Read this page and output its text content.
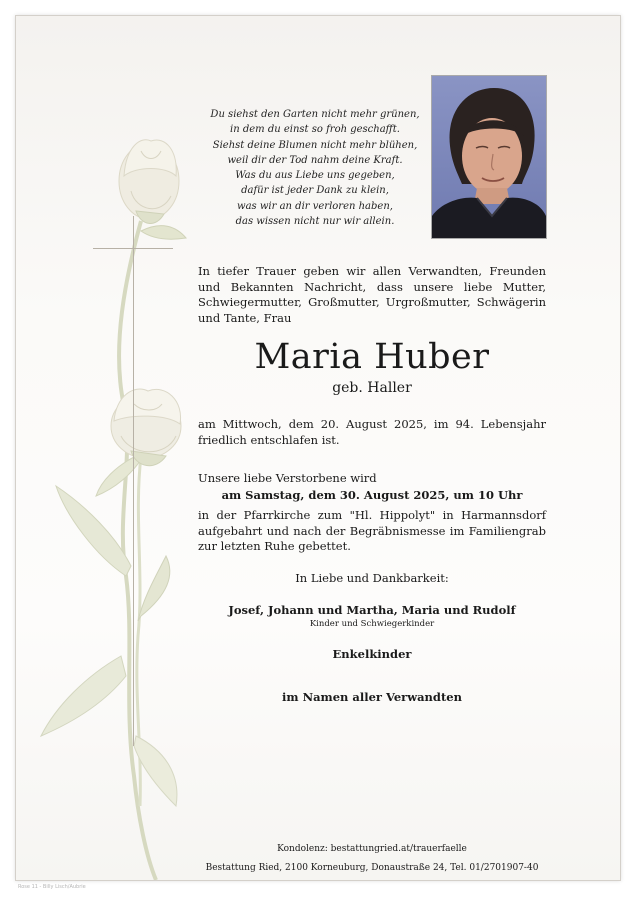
Du siehst den Garten nicht mehr grünen,
in dem du einst so froh geschafft.
Siehst deine Blumen nicht mehr blühen,
weil dir der Tod nahm deine Kraft.
Was du aus Liebe uns gegeben,
dafür ist jeder Dank zu klein,
was wir an dir verloren haben,
das wissen nicht nur wir allein.
In tiefer Trauer geben wir allen Verwandten, Freunden und Bekannten Nachricht, dass unsere liebe Mutter, Schwiegermutter, Großmutter, Urgroßmutter, Schwägerin und Tante, Frau
Maria Huber
geb. Haller
am Mittwoch, dem 20. August 2025, im 94. Lebensjahr friedlich entschlafen ist.
Unsere liebe Verstorbene wird
am Samstag, dem 30. August 2025, um 10 Uhr
in der Pfarrkirche zum "Hl. Hippolyt" in Harmannsdorf aufgebahrt und nach der Begräbnismesse im Familiengrab zur letzten Ruhe gebettet.
In Liebe und Dankbarkeit:
Josef, Johann und Martha, Maria und Rudolf
Kinder und Schwiegerkinder
Enkelkinder
im Namen aller Verwandten
Kondolenz: bestattungried.at/trauerfaelle
Bestattung Ried, 2100 Korneuburg, Donaustraße 24, Tel. 01/2701907-40
Rose 11 - Billy Lisch/Aubrie
